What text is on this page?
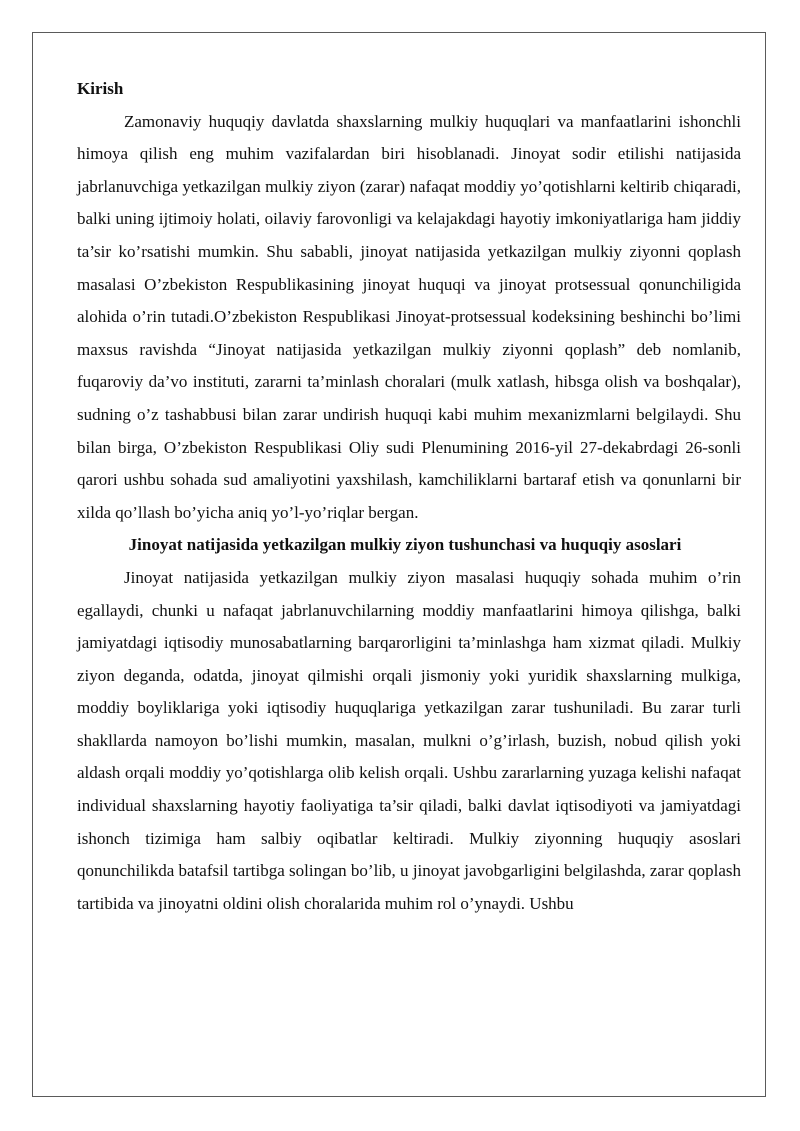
Kirish

Zamonaviy huquqiy davlatda shaxslarning mulkiy huquqlari va manfaatlarini ishonchli himoya qilish eng muhim vazifalardan biri hisoblanadi. Jinoyat sodir etilishi natijasida jabrlanuvchiga yetkazilgan mulkiy ziyon (zarar) nafaqat moddiy yo’qotishlarni keltirib chiqaradi, balki uning ijtimoiy holati, oilaviy farovonligi va kelajakdagi hayotiy imkoniyatlariga ham jiddiy ta’sir ko’rsatishi mumkin. Shu sababli, jinoyat natijasida yetkazilgan mulkiy ziyonni qoplash masalasi O’zbekiston Respublikasining jinoyat huquqi va jinoyat protsessual qonunchiligida alohida o’rin tutadi.O’zbekiston Respublikasi Jinoyat-protsessual kodeksining beshinchi bo’limi maxsus ravishda “Jinoyat natijasida yetkazilgan mulkiy ziyonni qoplash” deb nomlanib, fuqaroviy da’vo instituti, zararni ta’minlash choralari (mulk xatlash, hibsga olish va boshqalar), sudning o’z tashabbusi bilan zarar undirish huquqi kabi muhim mexanizmlarni belgilaydi. Shu bilan birga, O’zbekiston Respublikasi Oliy sudi Plenumining 2016-yil 27-dekabrdagi 26-sonli qarori ushbu sohada sud amaliyotini yaxshilash, kamchiliklarni bartaraf etish va qonunlarni bir xilda qo’llash bo’yicha aniq yo’l-yo’riqlar bergan.

Jinoyat natijasida yetkazilgan mulkiy ziyon tushunchasi va huquqiy asoslari

Jinoyat natijasida yetkazilgan mulkiy ziyon masalasi huquqiy sohada muhim o’rin egallaydi, chunki u nafaqat jabrlanuvchilarning moddiy manfaatlarini himoya qilishga, balki jamiyatdagi iqtisodiy munosabatlarning barqarorligini ta’minlashga ham xizmat qiladi. Mulkiy ziyon deganda, odatda, jinoyat qilmishi orqali jismoniy yoki yuridik shaxslarning mulkiga, moddiy boyliklariga yoki iqtisodiy huquqlariga yetkazilgan zarar tushuniladi. Bu zarar turli shakllarda namoyon bo’lishi mumkin, masalan, mulkni o’g’irlash, buzish, nobud qilish yoki aldash orqali moddiy yo’qotishlarga olib kelish orqali. Ushbu zararlarning yuzaga kelishi nafaqat individual shaxslarning hayotiy faoliyatiga ta’sir qiladi, balki davlat iqtisodiyoti va jamiyatdagi ishonch tizimiga ham salbiy oqibatlar keltiradi. Mulkiy ziyonning huquqiy asoslari qonunchilikda batafsil tartibga solingan bo’lib, u jinoyat javobgarligini belgilashda, zarar qoplash tartibida va jinoyatni oldini olish choralarida muhim rol o’ynaydi. Ushbu
